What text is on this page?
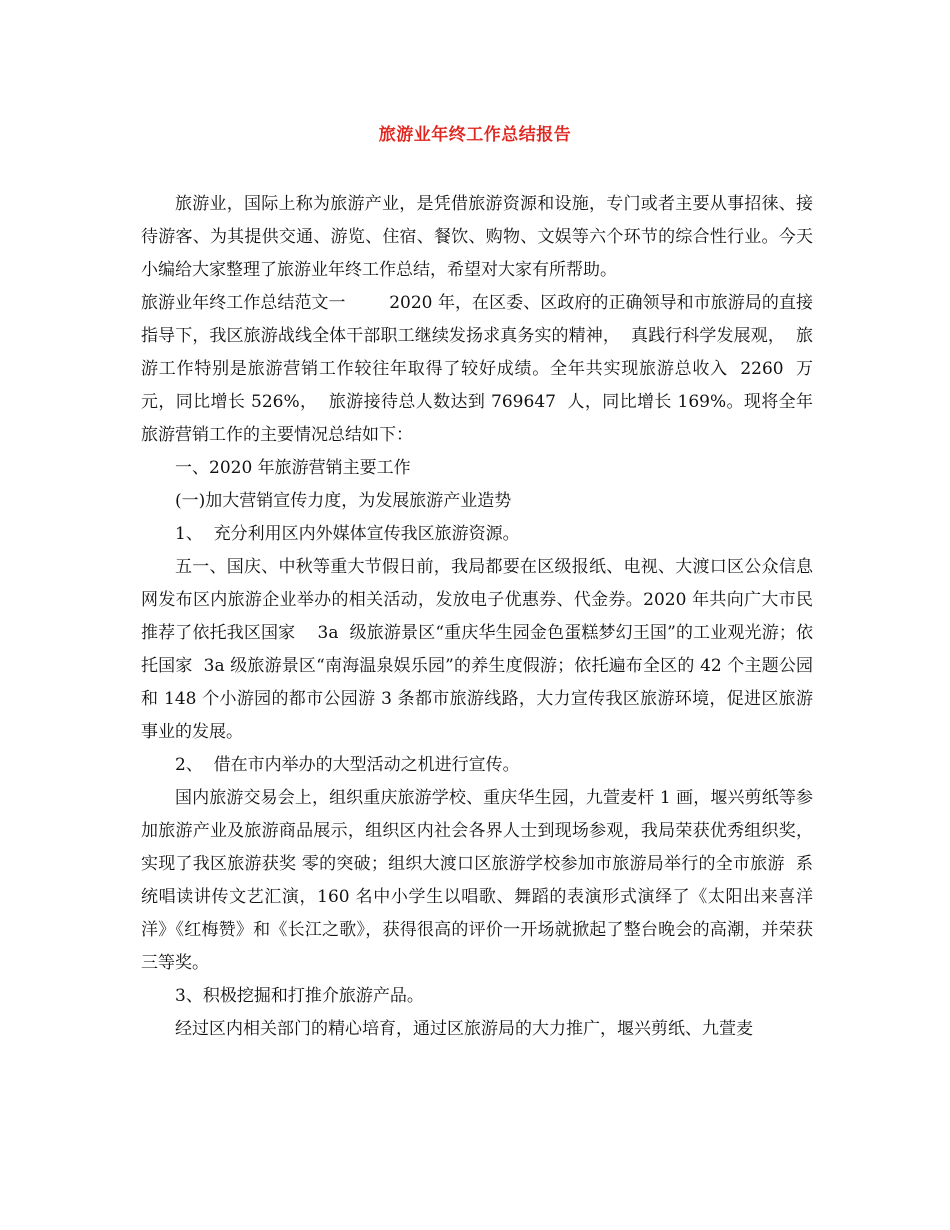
旅游业年终工作总结报告

旅游业，国际上称为旅游产业，是凭借旅游资源和设施，专门或者主要从事招徕、接待游客、为其提供交通、游览、住宿、餐饮、购物、文娱等六个环节的综合性行业。今天小编给大家整理了旅游业年终工作总结，希望对大家有所帮助。

旅游业年终工作总结范文一        2020 年，在区委、区政府的正确领导和市旅游局的直接指导下，我区旅游战线全体干部职工继续发扬求真务实的精神，  真践行科学发展观，  旅游工作特别是旅游营销工作较往年取得了较好成绩。全年共实现旅游总收入  2260  万元，同比增长 526%，  旅游接待总人数达到 769647  人，同比增长 169%。现将全年旅游营销工作的主要情况总结如下：

一、2020 年旅游营销主要工作

(一)加大营销宣传力度，为发展旅游产业造势

1、  充分利用区内外媒体宣传我区旅游资源。

五一、国庆、中秋等重大节假日前，我局都要在区级报纸、电视、大渡口区公众信息网发布区内旅游企业举办的相关活动，发放电子优惠券、代金券。2020 年共向广大市民推荐了依托我区国家    3a  级旅游景区“重庆华生园金色蛋糕梦幻王国”的工业观光游；依托国家  3a 级旅游景区“南海温泉娱乐园”的养生度假游；依托遍布全区的 42 个主题公园和 148 个小游园的都市公园游 3 条都市旅游线路，大力宣传我区旅游环境，促进区旅游事业的发展。

2、  借在市内举办的大型活动之机进行宣传。

国内旅游交易会上，组织重庆旅游学校、重庆华生园，九萱麦杆 1 画，堰兴剪纸等参加旅游产业及旅游商品展示，组织区内社会各界人士到现场参观，我局荣获优秀组织奖，实现了我区旅游获奖 零的突破；组织大渡口区旅游学校参加市旅游局举行的全市旅游  系统唱读讲传文艺汇演，160 名中小学生以唱歌、舞蹈的表演形式演绎了《太阳出来喜洋洋》《红梅赞》和《长江之歌》，获得很高的评价一开场就掀起了整台晚会的高潮，并荣获三等奖。

3、积极挖掘和打推介旅游产品。

经过区内相关部门的精心培育，通过区旅游局的大力推广，堰兴剪纸、九萱麦
